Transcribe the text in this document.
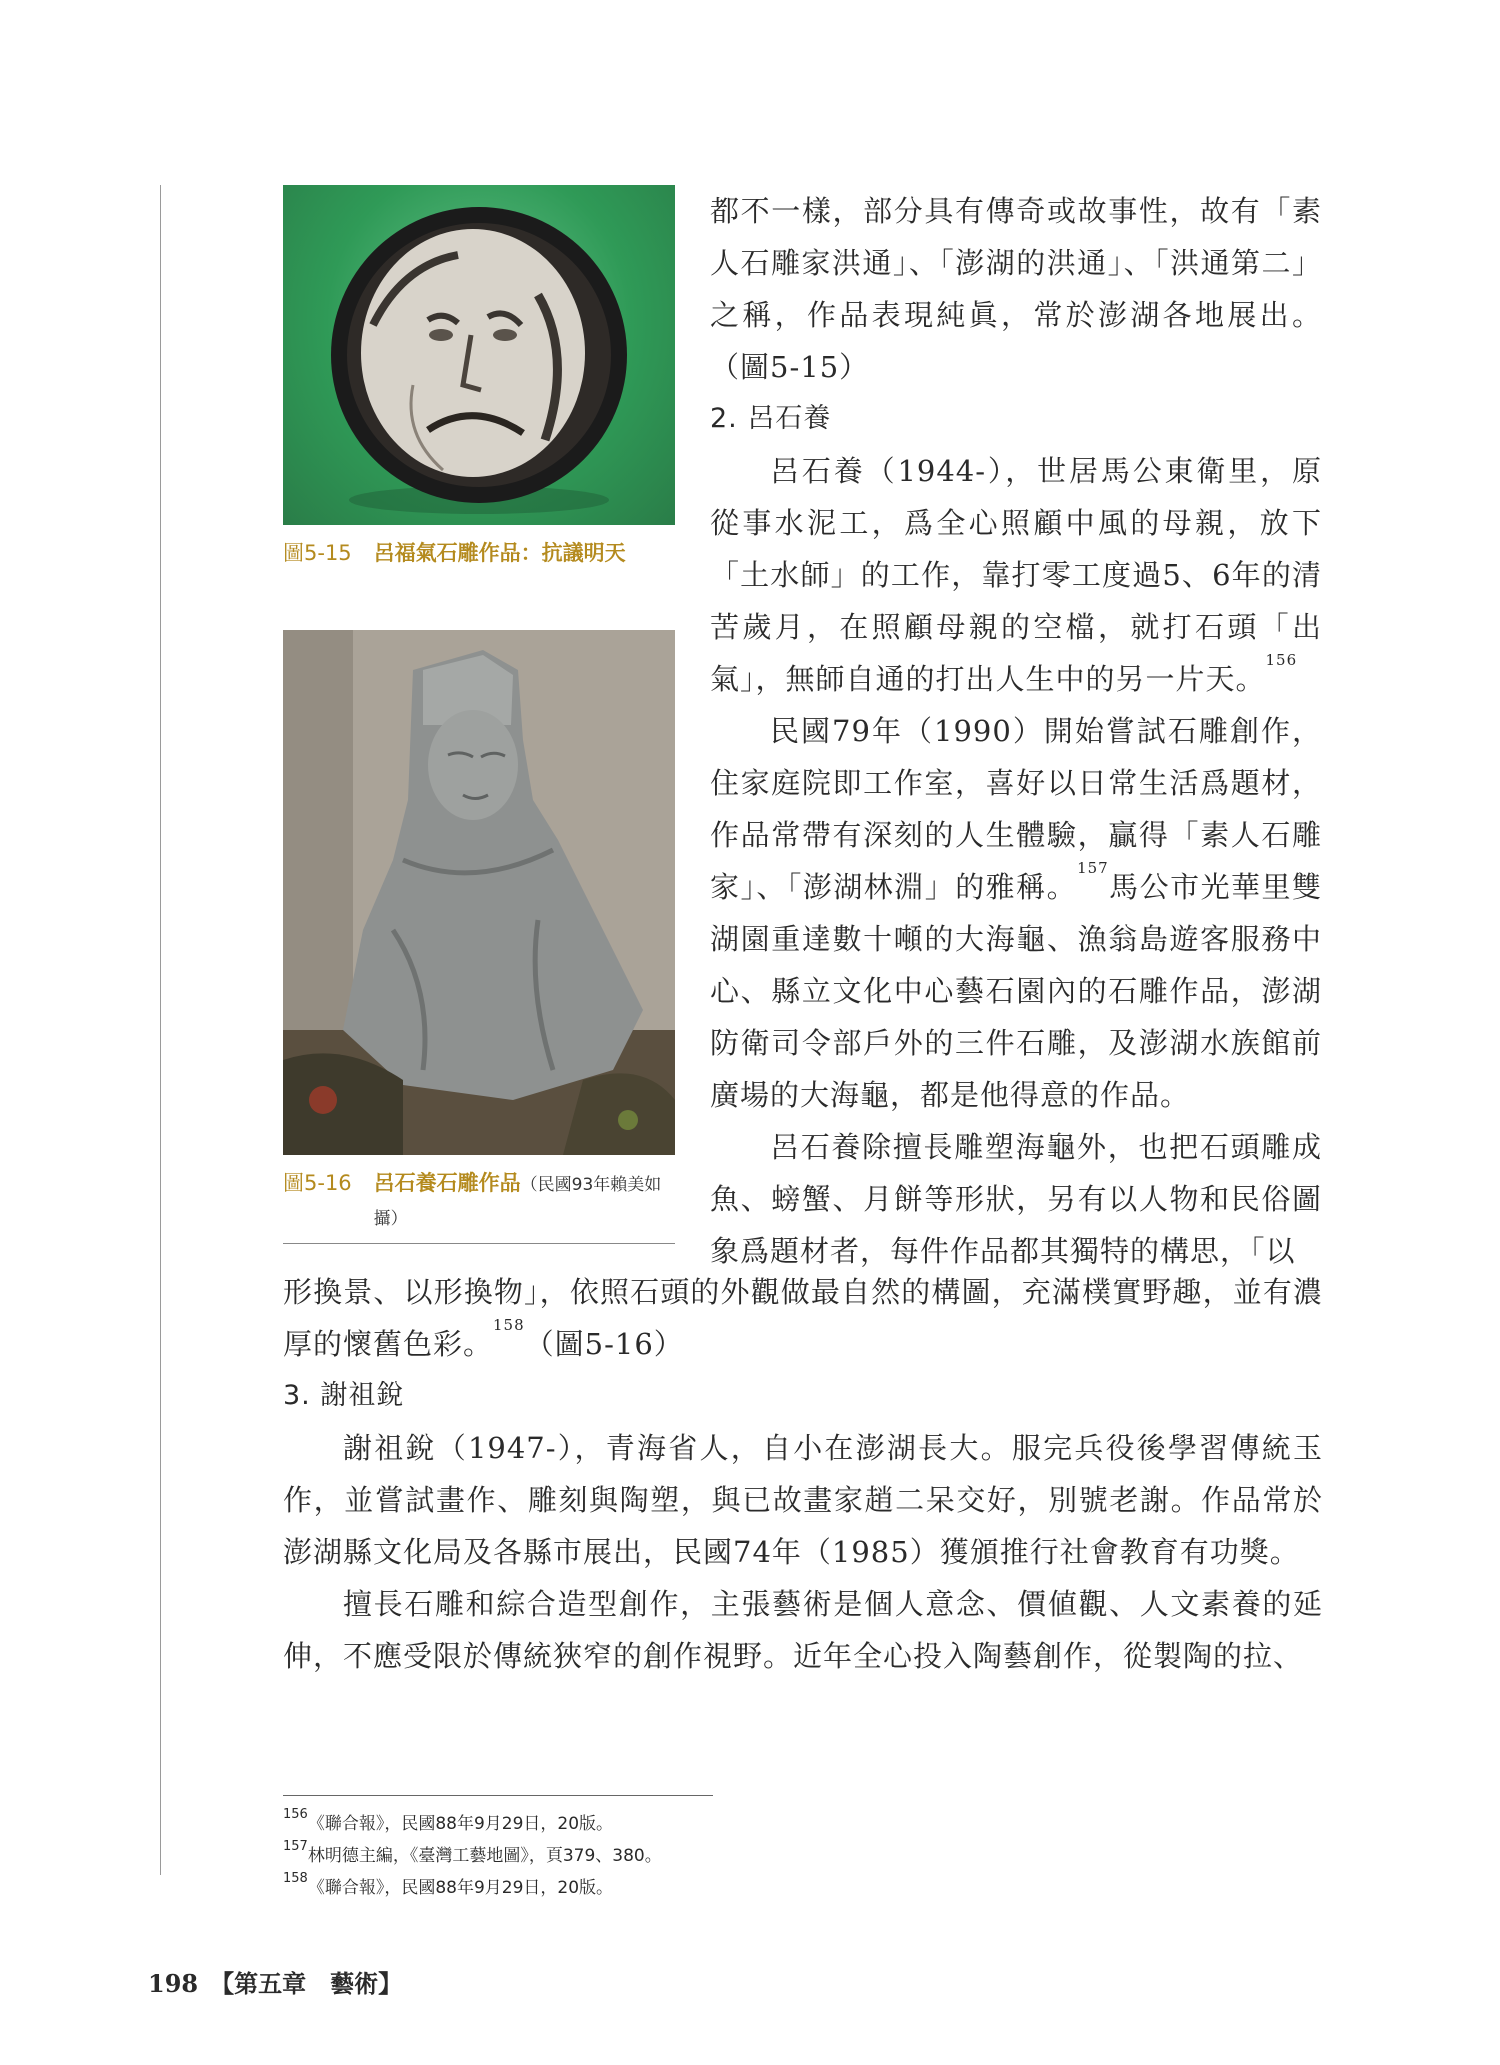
圖5-15 呂福氣石雕作品：抗議明天
圖5-16 呂石養石雕作品（民國93年賴美如攝）

都不一樣，部分具有傳奇或故事性，故有「素人石雕家洪通」、「澎湖的洪通」、「洪通第二」之稱，作品表現純眞，常於澎湖各地展出。（圖5-15）

2. 呂石養

呂石養（1944-），世居馬公東衛里，原從事水泥工，爲全心照顧中風的母親，放下「土水師」的工作，靠打零工度過5、6年的清苦歲月，在照顧母親的空檔，就打石頭「出氣」，無師自通的打出人生中的另一片天。$^{156}$

民國79年（1990）開始嘗試石雕創作，住家庭院即工作室，喜好以日常生活爲題材，作品常帶有深刻的人生體驗，贏得「素人石雕家」、「澎湖林淵」的雅稱。$^{157}$馬公市光華里雙湖園重達數十噸的大海龜、漁翁島遊客服務中心、縣立文化中心藝石園內的石雕作品，澎湖防衛司令部戶外的三件石雕，及澎湖水族館前廣場的大海龜，都是他得意的作品。

呂石養除擅長雕塑海龜外，也把石頭雕成魚、螃蟹、月餅等形狀，另有以人物和民俗圖象爲題材者，每件作品都其獨特的構思，「以

形換景、以形換物」，依照石頭的外觀做最自然的構圖，充滿樸實野趣，並有濃厚的懷舊色彩。$^{158}$（圖5-16）

3. 謝祖銳

謝祖銳（1947-），青海省人，自小在澎湖長大。服完兵役後學習傳統玉作，並嘗試畫作、雕刻與陶塑，與已故畫家趙二呆交好，別號老謝。作品常於澎湖縣文化局及各縣市展出，民國74年（1985）獲頒推行社會教育有功獎。

擅長石雕和綜合造型創作，主張藝術是個人意念、價値觀、人文素養的延伸，不應受限於傳統狹窄的創作視野。近年全心投入陶藝創作，從製陶的拉、

$^{156}$《聯合報》，民國88年9月29日，20版。
$^{157}$林明德主編，《臺灣工藝地圖》，頁379、380。
$^{158}$《聯合報》，民國88年9月29日，20版。
198 【第五章　藝術】
